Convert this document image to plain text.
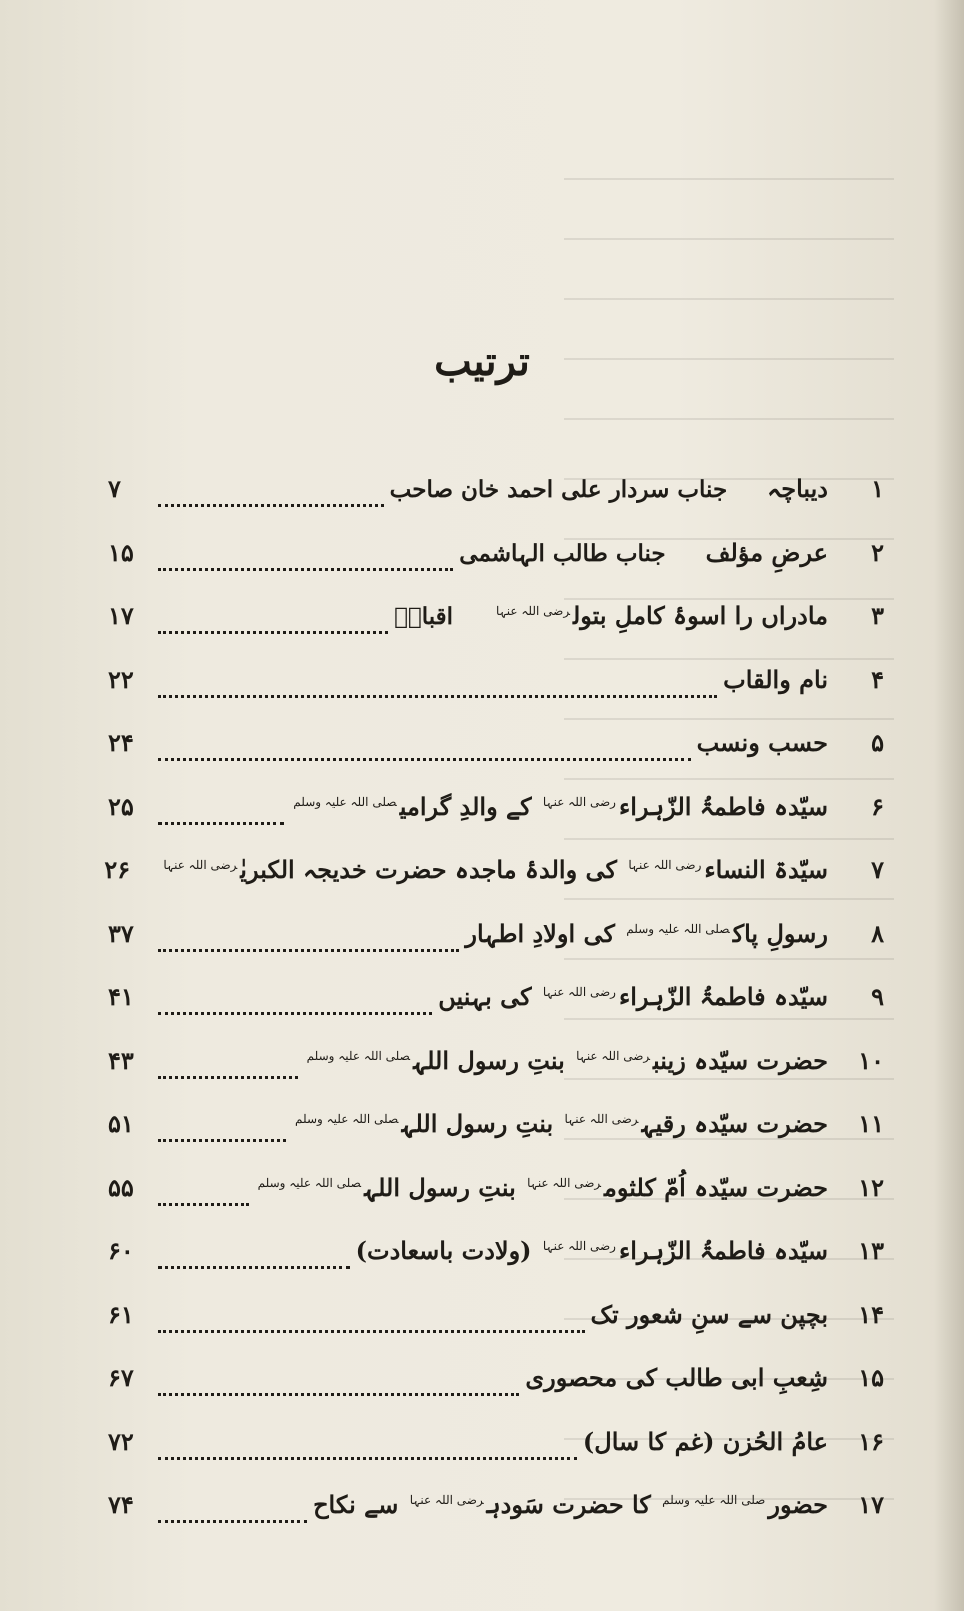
ترتیب
۱
دیباچہجناب سردار علی احمد خان صاحب
۷
۲
عرضِ مؤلفجناب طالب الہاشمی
۱۵
۳
مادراں را اسوۂ کاملِ بتول$^{رضی اللہ عنہا}$اقبالؔ
۱۷
۴
نام والقاب
۲۲
۵
حسب ونسب
۲۴
۶
سیّدہ فاطمۃُ الزّہراء$^{رضی اللہ عنہا}$ کے والدِ گرامی$^{صلی اللہ علیہ وسلم}$
۲۵
۷
سیّدۃ النساء$^{رضی اللہ عنہا}$ کی والدۂ ماجدہ حضرت خدیجہ الکبریٰ$^{رضی اللہ عنہا}$
۲۶
۸
رسولِ پاک$^{صلی اللہ علیہ وسلم}$ کی اولادِ اطہار
۳۷
۹
سیّدہ فاطمۃُ الزّہراء$^{رضی اللہ عنہا}$ کی بہنیں
۴۱
۱۰
حضرت سیّدہ زینب$^{رضی اللہ عنہا}$ بنتِ رسول اللہ$^{صلی اللہ علیہ وسلم}$
۴۳
۱۱
حضرت سیّدہ رقیہ$^{رضی اللہ عنہا}$ بنتِ رسول اللہ$^{صلی اللہ علیہ وسلم}$
۵۱
۱۲
حضرت سیّدہ اُمّ کلثوم$^{رضی اللہ عنہا}$ بنتِ رسول اللہ$^{صلی اللہ علیہ وسلم}$
۵۵
۱۳
سیّدہ فاطمۃُ الزّہراء$^{رضی اللہ عنہا}$ (ولادت باسعادت)
۶۰
۱۴
بچپن سے سنِ شعور تک
۶۱
۱۵
شِعبِ ابی طالب کی محصوری
۶۷
۱۶
عامُ الحُزن (غم کا سال)
۷۲
۱۷
حضور$^{صلی اللہ علیہ وسلم}$ کا حضرت سَودہ$^{رضی اللہ عنہا}$ سے نکاح
۷۴
